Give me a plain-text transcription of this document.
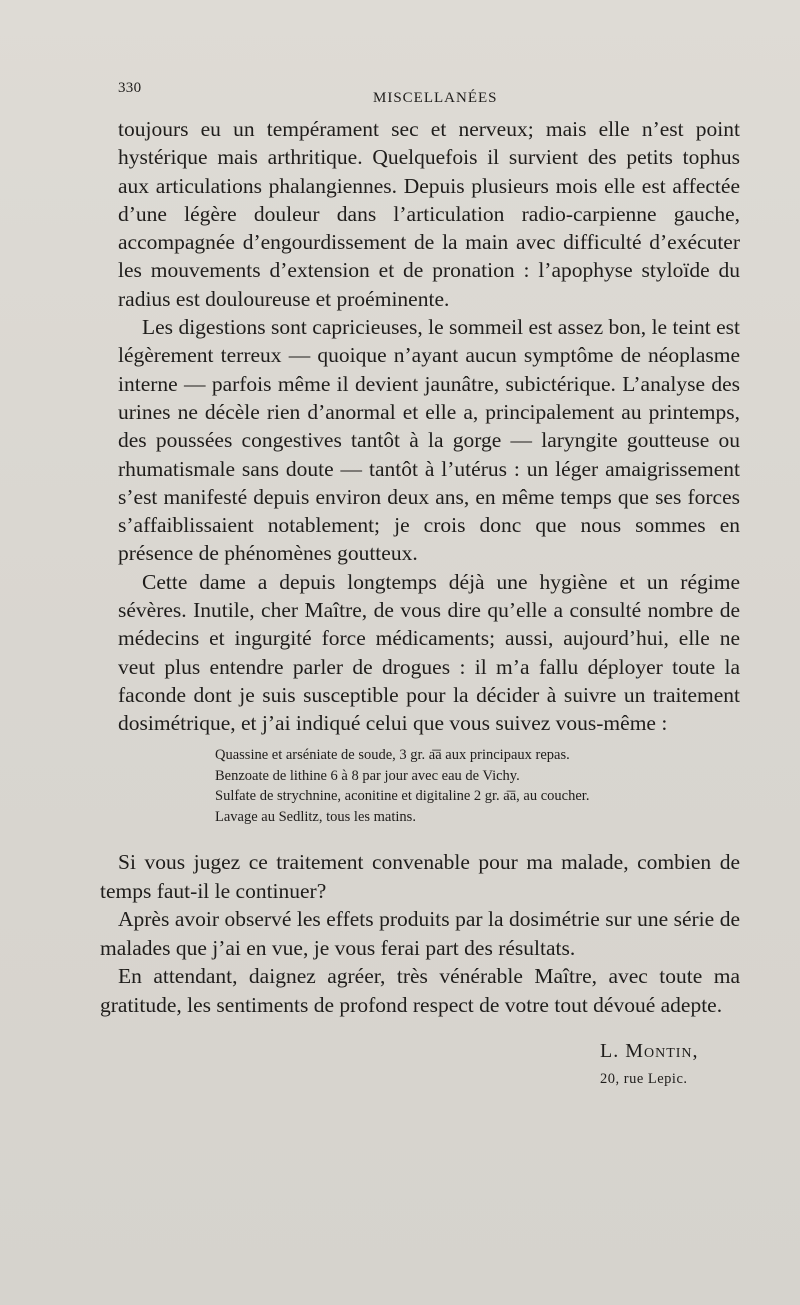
330
MISCELLANÉES

toujours eu un tempérament sec et nerveux; mais elle n’est point hystérique mais arthritique. Quelquefois il survient des petits tophus aux articulations phalangiennes. Depuis plusieurs mois elle est affectée d’une légère douleur dans l’articulation radio-carpienne gauche, accompagnée d’engourdissement de la main avec difficulté d’exécuter les mouvements d’extension et de pronation : l’apophyse styloïde du radius est douloureuse et proéminente.

Les digestions sont capricieuses, le sommeil est assez bon, le teint est légèrement terreux — quoique n’ayant aucun symptôme de néoplasme interne — parfois même il devient jaunâtre, subictérique. L’analyse des urines ne décèle rien d’anormal et elle a, principalement au printemps, des poussées congestives tantôt à la gorge — laryngite goutteuse ou rhumatismale sans doute — tantôt à l’utérus : un léger amaigrissement s’est manifesté depuis environ deux ans, en même temps que ses forces s’affaiblissaient notablement; je crois donc que nous sommes en présence de phénomènes goutteux.

Cette dame a depuis longtemps déjà une hygiène et un régime sévères. Inutile, cher Maître, de vous dire qu’elle a consulté nombre de médecins et ingurgité force médicaments; aussi, aujourd’hui, elle ne veut plus entendre parler de drogues : il m’a fallu déployer toute la faconde dont je suis susceptible pour la décider à suivre un traitement dosimétrique, et j’ai indiqué celui que vous suivez vous-même :

Quassine et arséniate de soude, 3 gr. a͞a aux principaux repas.
Benzoate de lithine 6 à 8 par jour avec eau de Vichy.
Sulfate de strychnine, aconitine et digitaline 2 gr. a͞a, au coucher.
Lavage au Sedlitz, tous les matins.

Si vous jugez ce traitement convenable pour ma malade, combien de temps faut-il le continuer?

Après avoir observé les effets produits par la dosimétrie sur une série de malades que j’ai en vue, je vous ferai part des résultats.

En attendant, daignez agréer, très vénérable Maître, avec toute ma gratitude, les sentiments de profond respect de votre tout dévoué adepte.

L. Montin,
20, rue Lepic.
